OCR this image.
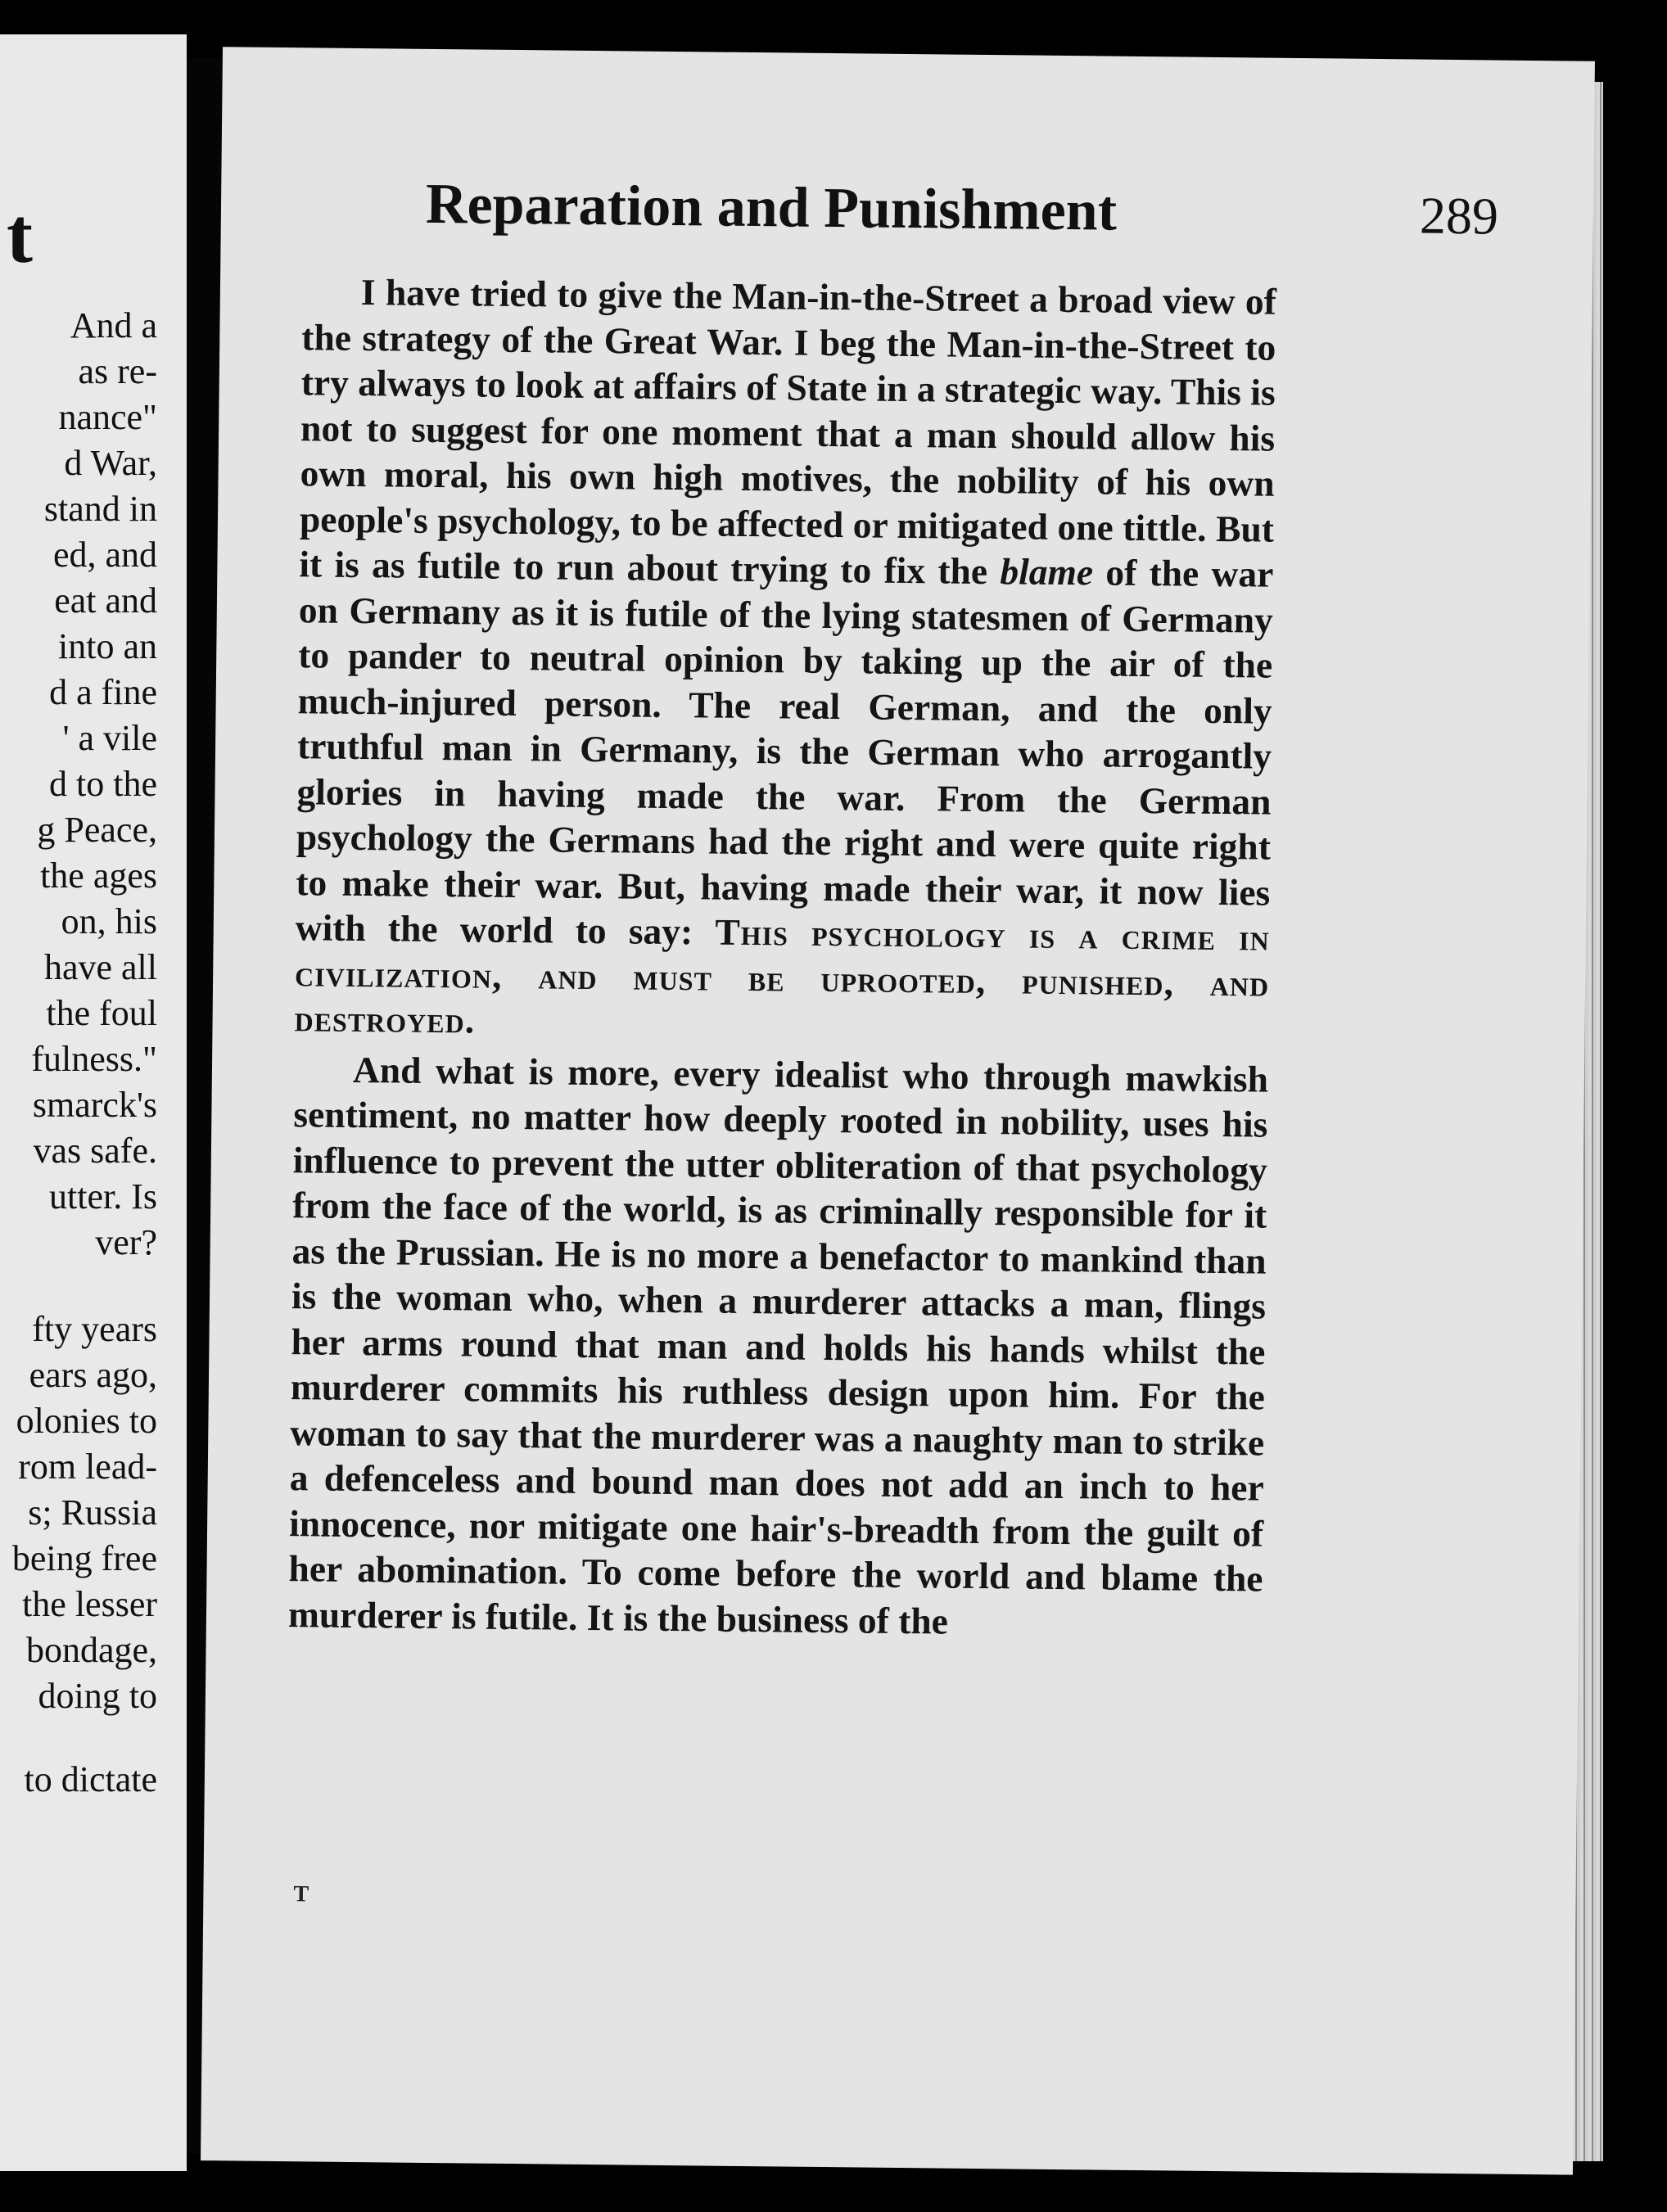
t

And a

as re-

nance"

d War,

stand in

ed, and

eat and

into an

d a fine

' a vile

d to the

g Peace,

the ages

on, his

have all

the foul

fulness."

smarck's

vas safe.

utter. Is

ver?

fty years

ears ago,

olonies to

rom lead-

s; Russia

being free

the lesser

bondage,

doing to

to dictate

Reparation and Punishment	289

I have tried to give the Man-in-the-Street a broad view of the strategy of the Great War. I beg the Man-in-the-Street to try always to look at affairs of State in a strategic way. This is not to suggest for one moment that a man should allow his own moral, his own high motives, the nobility of his own people's psychology, to be affected or mitigated one tittle. But it is as futile to run about trying to fix the blame of the war on Germany as it is futile of the lying statesmen of Germany to pander to neutral opinion by taking up the air of the much-injured person. The real German, and the only truthful man in Germany, is the German who arrogantly glories in having made the war. From the German psychology the Germans had the right and were quite right to make their war. But, having made their war, it now lies with the world to say: This psychology is a crime in civilization, and must be uprooted, punished, and destroyed.

And what is more, every idealist who through mawkish sentiment, no matter how deeply rooted in nobility, uses his influence to prevent the utter obliteration of that psychology from the face of the world, is as criminally responsible for it as the Prussian. He is no more a benefactor to mankind than is the woman who, when a murderer attacks a man, flings her arms round that man and holds his hands whilst the murderer commits his ruthless design upon him. For the woman to say that the murderer was a naughty man to strike a defenceless and bound man does not add an inch to her innocence, nor mitigate one hair's-breadth from the guilt of her abomination. To come before the world and blame the murderer is futile. It is the business of the

T
